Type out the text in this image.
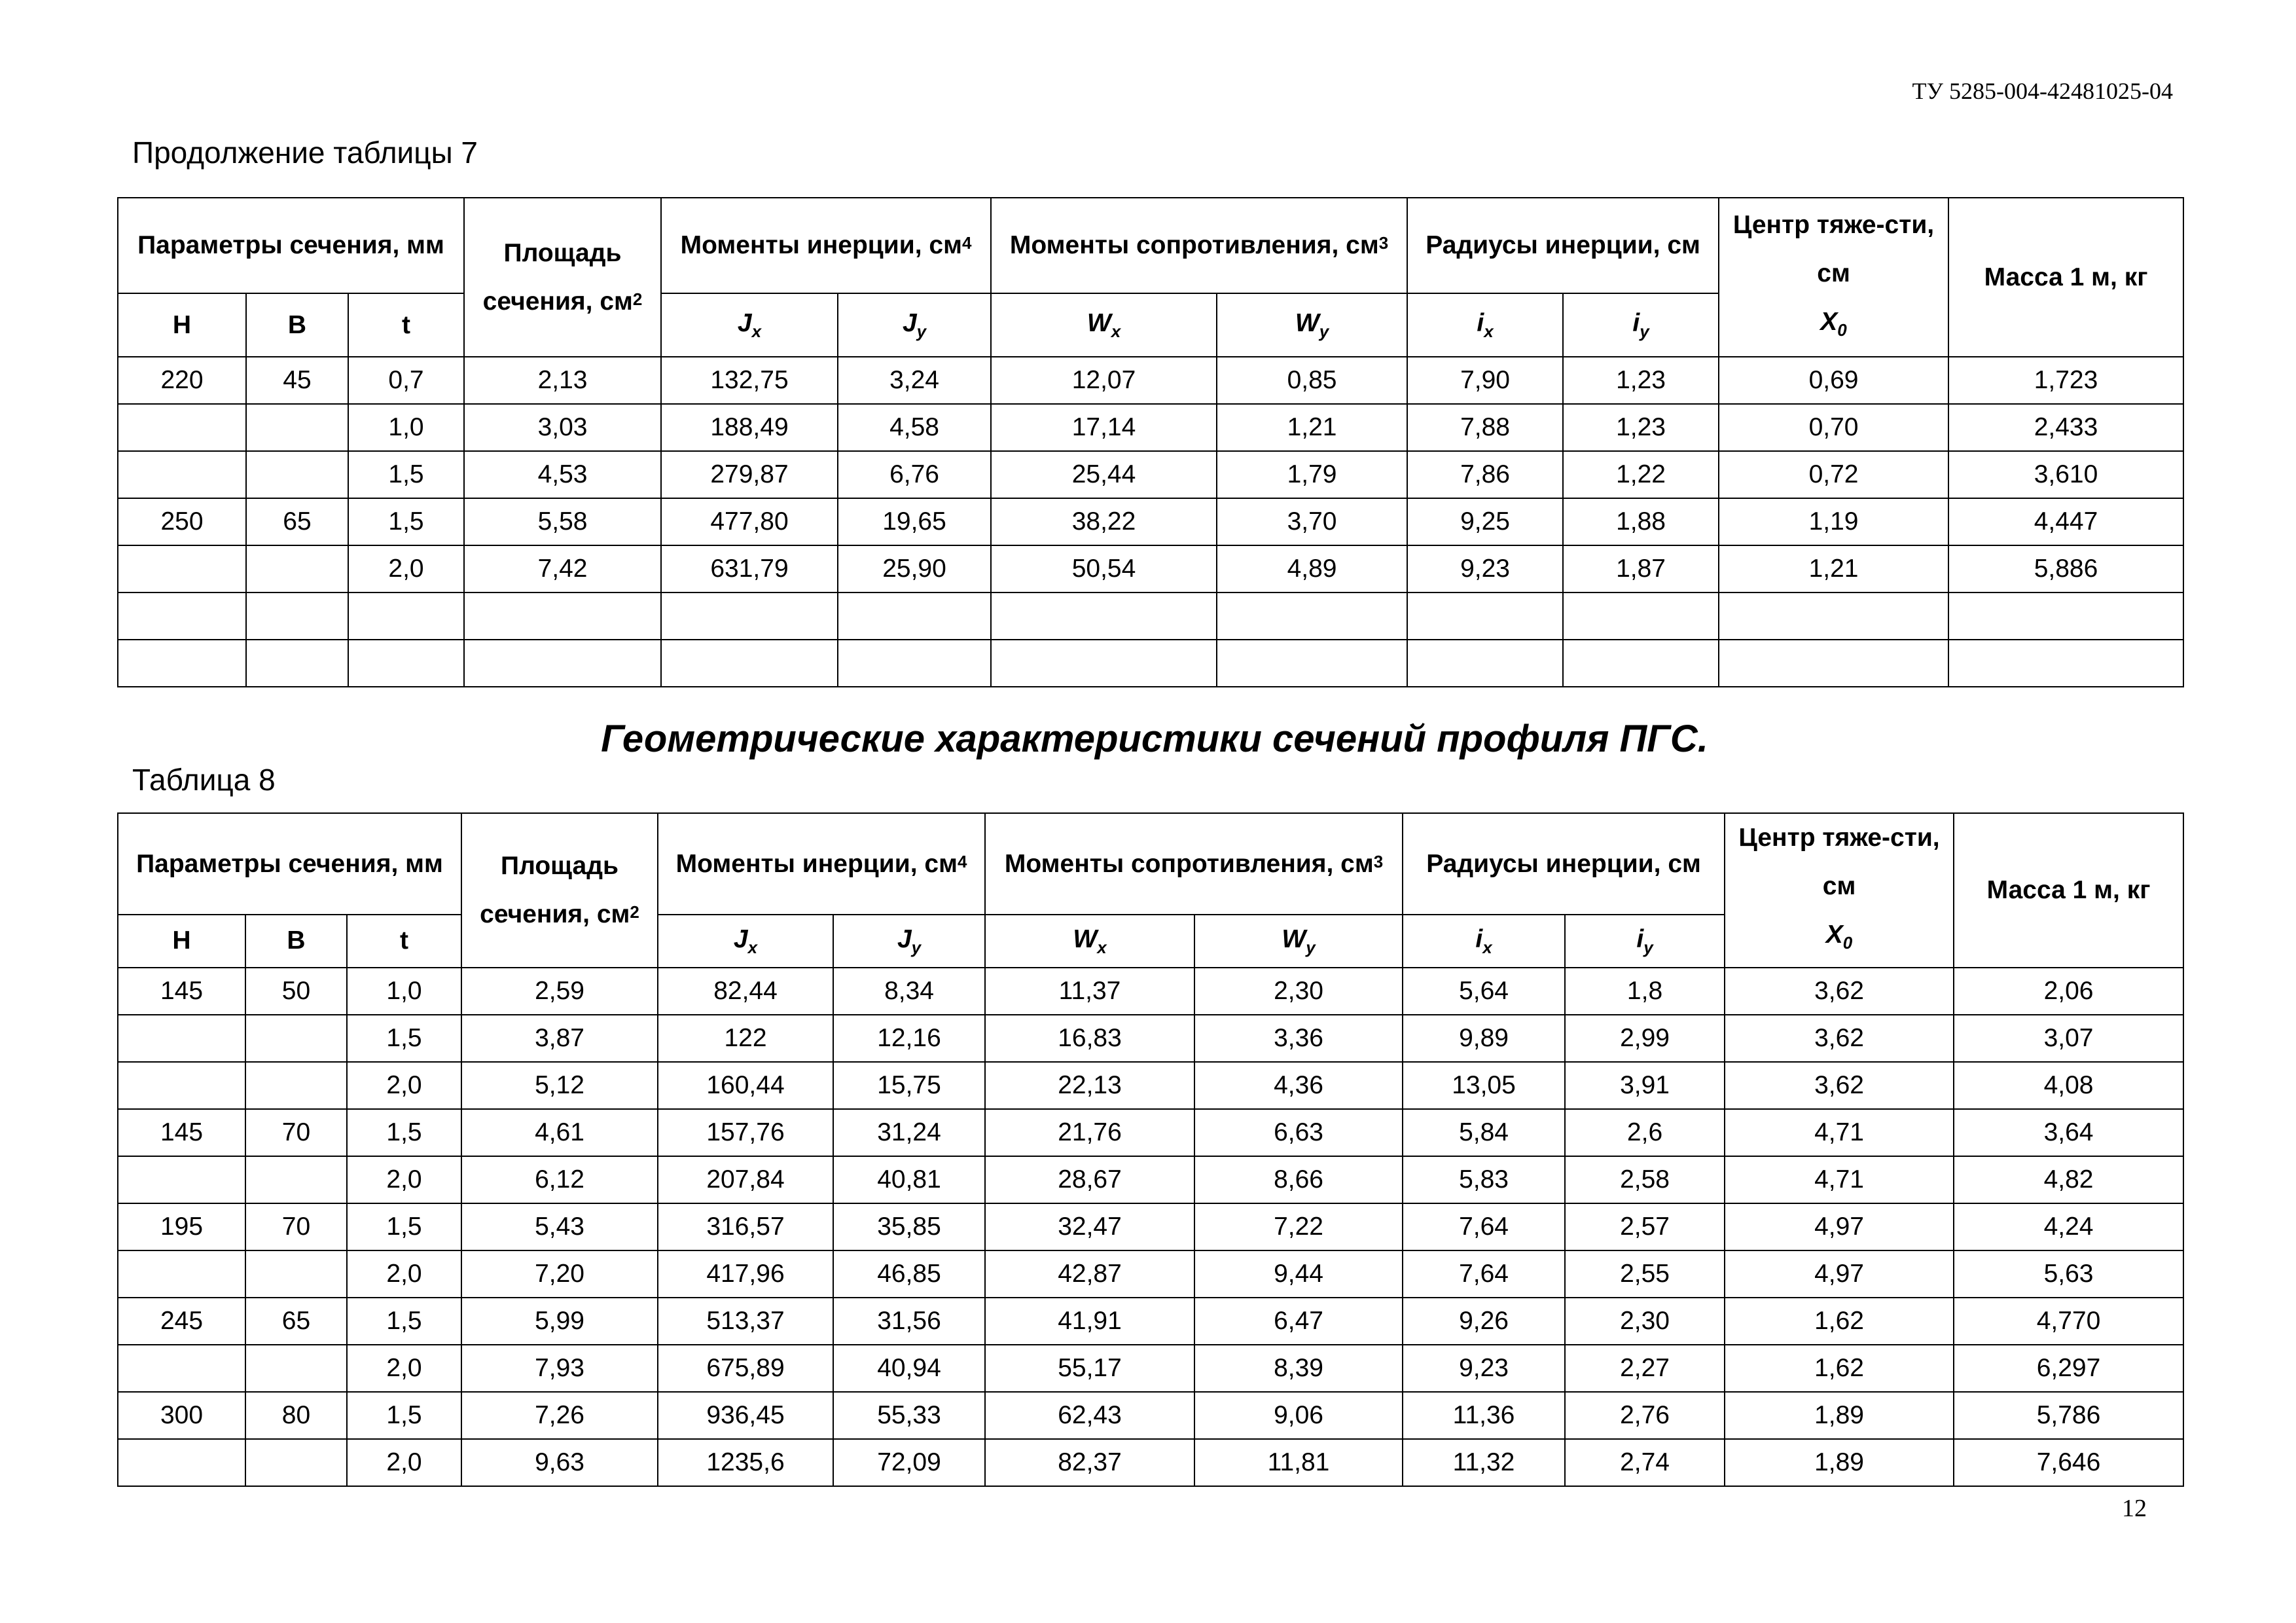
ТУ 5285-004-42481025-04
Продолжение таблицы 7
Параметры сечения, мм			Площадь сечения, $см^2$	Моменты инерции, $см^4$		Моменты сопротивления, $см^3$		Радиусы инерции, см		Центр тяже-сти, см
$X_0$	Масса 1 м, кг
H	B	t		$J_x$	$J_y$	$W_x$	$W_y$	$i_x$	$i_y$
220	45	0,7	2,13	132,75	3,24	12,07	0,85	7,90	1,23	0,69	1,723
		1,0	3,03	188,49	4,58	17,14	1,21	7,88	1,23	0,70	2,433
		1,5	4,53	279,87	6,76	25,44	1,79	7,86	1,22	0,72	3,610
250	65	1,5	5,58	477,80	19,65	38,22	3,70	9,25	1,88	1,19	4,447
		2,0	7,42	631,79	25,90	50,54	4,89	9,23	1,87	1,21	5,886

Геометрические характеристики сечений профиля ПГС.
Таблица 8
Параметры сечения, мм			Площадь сечения, $см^2$	Моменты инерции, $см^4$		Моменты сопротивления, $см^3$		Радиусы инерции, см		Центр тяже-сти, см
$X_0$	Масса 1 м, кг
H	B	t		$J_x$	$J_y$	$W_x$	$W_y$	$i_x$	$i_y$
145	50	1,0	2,59	82,44	8,34	11,37	2,30	5,64	1,8	3,62	2,06
		1,5	3,87	122	12,16	16,83	3,36	9,89	2,99	3,62	3,07
		2,0	5,12	160,44	15,75	22,13	4,36	13,05	3,91	3,62	4,08
145	70	1,5	4,61	157,76	31,24	21,76	6,63	5,84	2,6	4,71	3,64
		2,0	6,12	207,84	40,81	28,67	8,66	5,83	2,58	4,71	4,82
195	70	1,5	5,43	316,57	35,85	32,47	7,22	7,64	2,57	4,97	4,24
		2,0	7,20	417,96	46,85	42,87	9,44	7,64	2,55	4,97	5,63
245	65	1,5	5,99	513,37	31,56	41,91	6,47	9,26	2,30	1,62	4,770
		2,0	7,93	675,89	40,94	55,17	8,39	9,23	2,27	1,62	6,297
300	80	1,5	7,26	936,45	55,33	62,43	9,06	11,36	2,76	1,89	5,786
		2,0	9,63	1235,6	72,09	82,37	11,81	11,32	2,74	1,89	7,646
12
